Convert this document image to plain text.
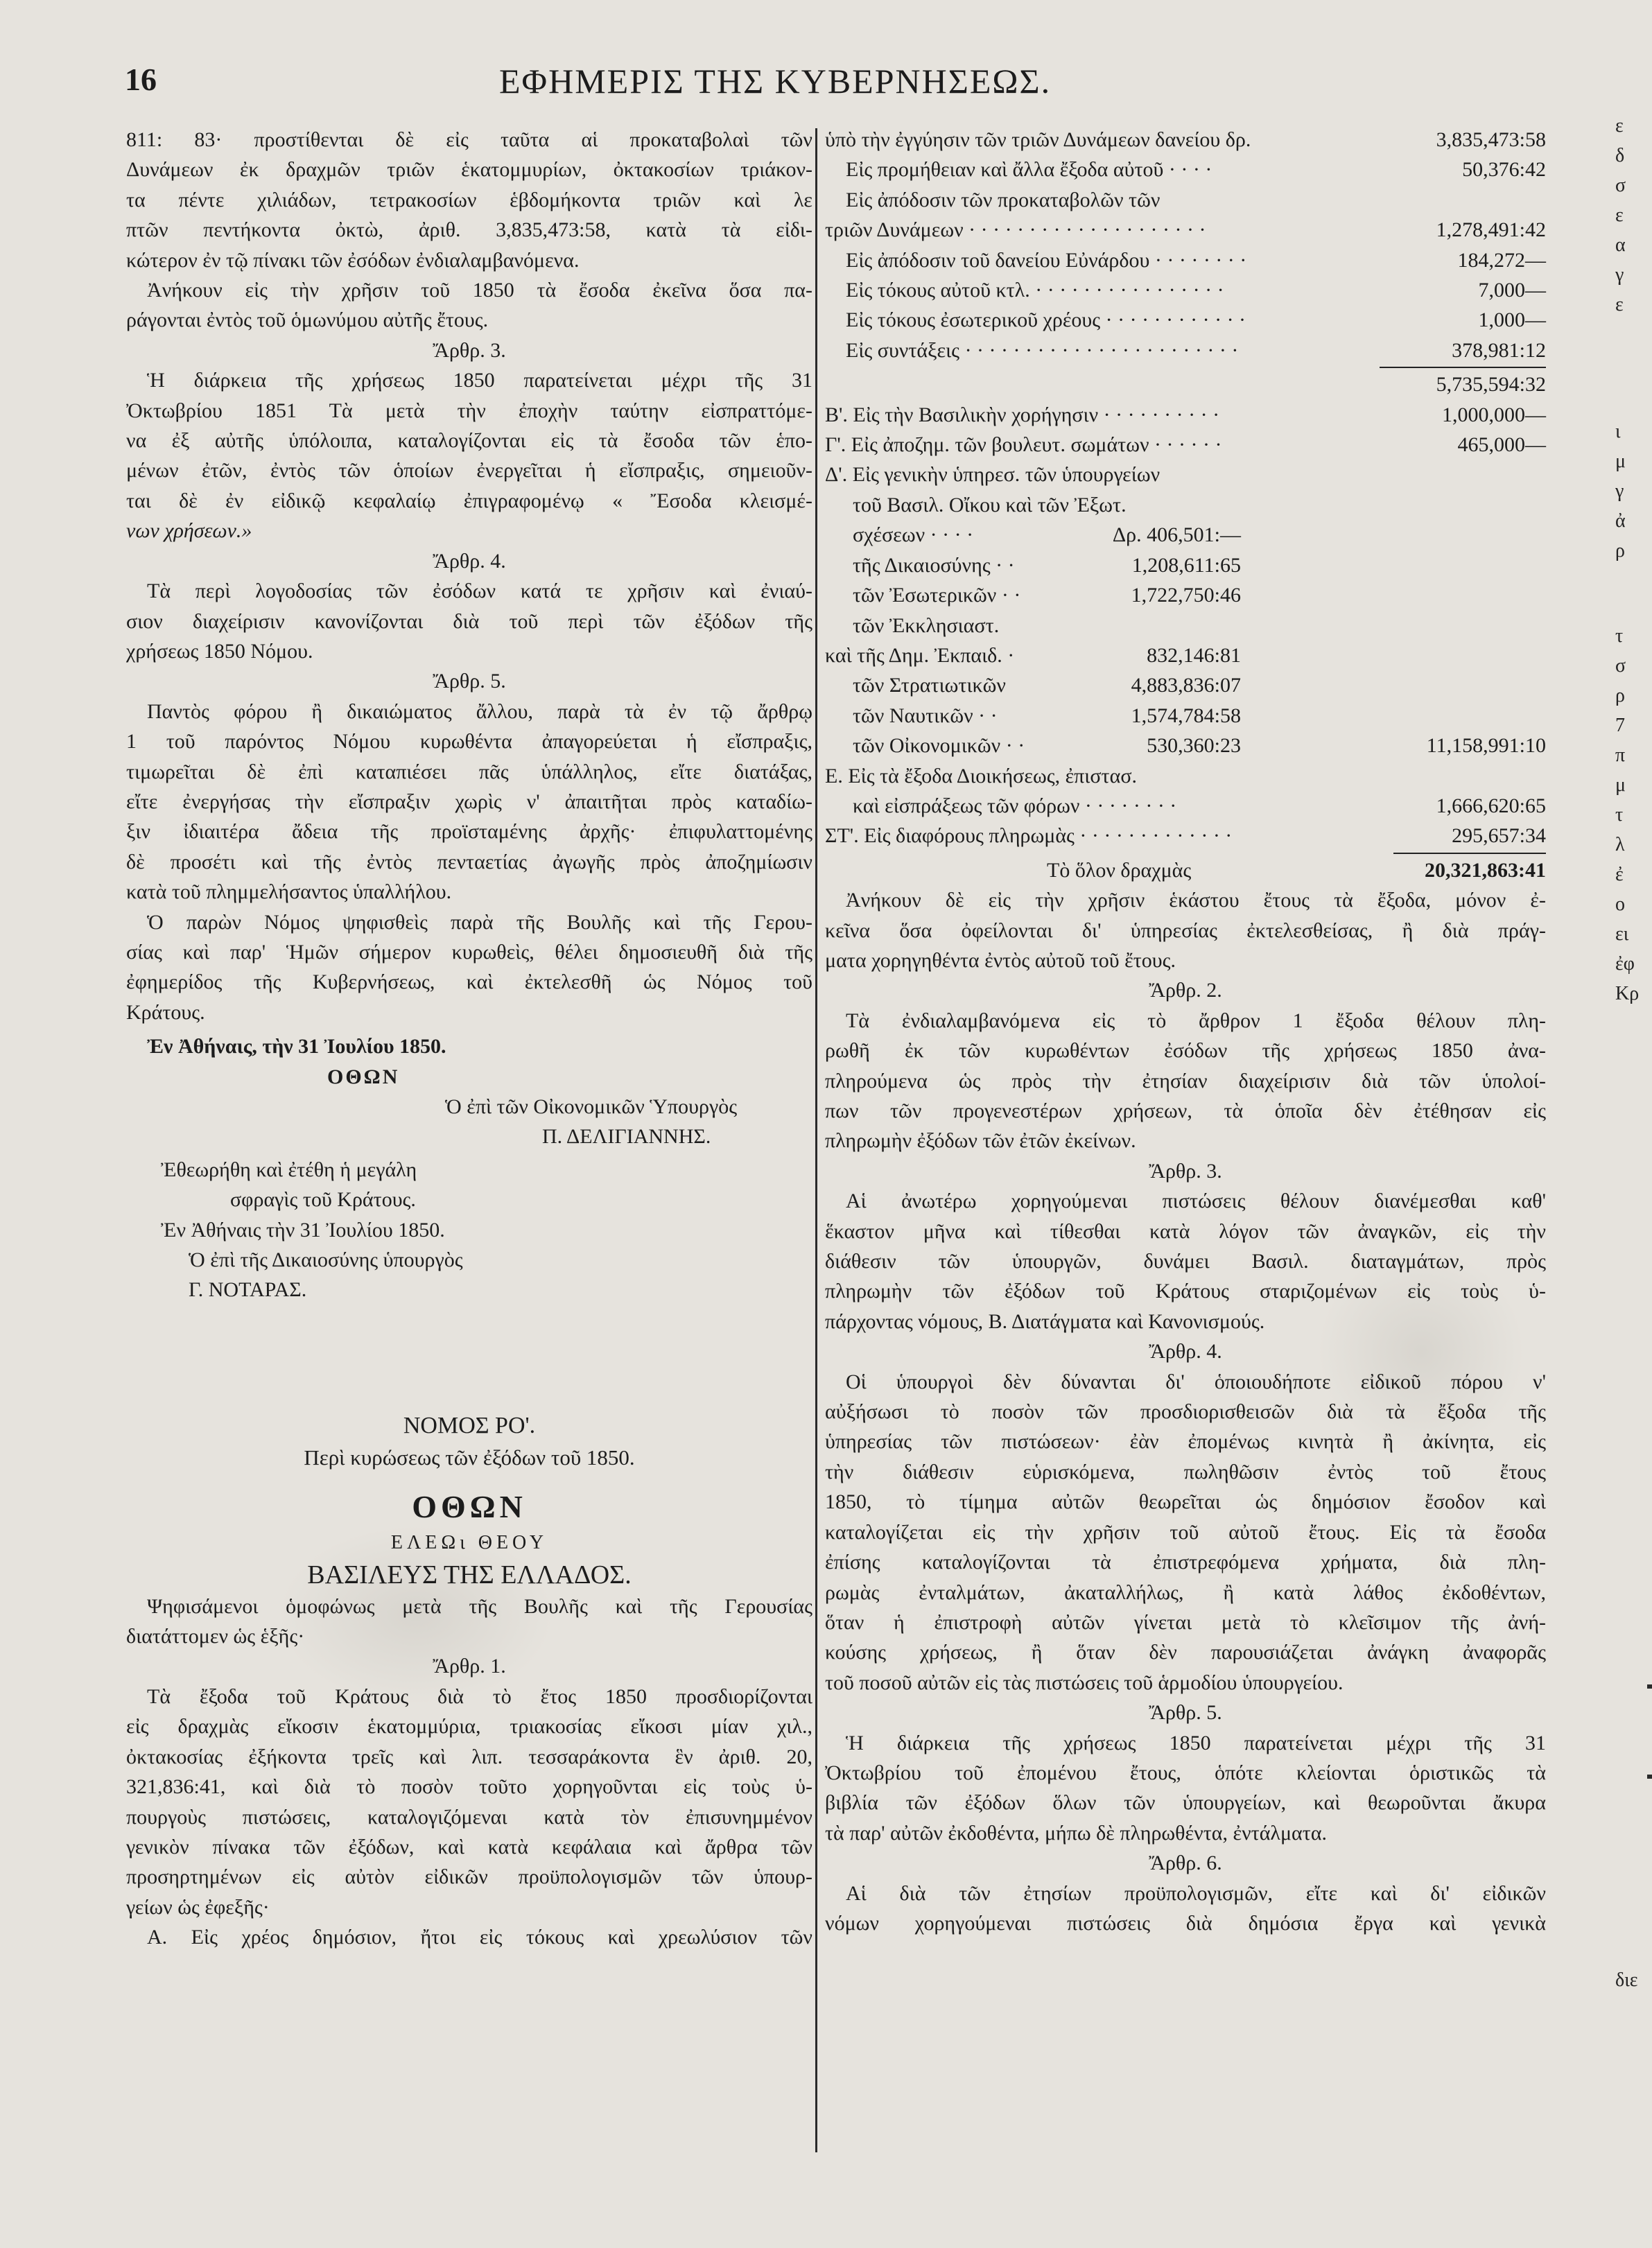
16	ΕΦΗΜΕΡΙΣ ΤΗΣ ΚΥΒΕΡΝΗΣΕΩΣ.
811: 83· προστίθενται δὲ εἰς ταῦτα αἱ προκαταβολαὶ τῶν
Δυνάμεων ἐκ δραχμῶν τριῶν ἑκατομμυρίων, ὀκτακοσίων τριάκον-
τα πέντε χιλιάδων, τετρακοσίων ἑβδομήκοντα τριῶν καὶ λε
πτῶν πεντήκοντα ὀκτὼ, ἀριθ. 3,835,473:58, κατὰ τὰ εἰδι-
κώτερον ἐν τῷ πίνακι τῶν ἐσόδων ἐνδιαλαμβανόμενα.
Ἀνήκουν εἰς τὴν χρῆσιν τοῦ 1850 τὰ ἔσοδα ἐκεῖνα ὅσα πα-
ράγονται ἐντὸς τοῦ ὁμωνύμου αὐτῆς ἔτους.
Ἄρθρ. 3.
Ἡ διάρκεια τῆς χρήσεως 1850 παρατείνεται μέχρι τῆς 31
Ὀκτωβρίου 1851 Τὰ μετὰ τὴν ἐποχὴν ταύτην εἰσπραττόμε-
να ἐξ αὐτῆς ὑπόλοιπα, καταλογίζονται εἰς τὰ ἔσοδα τῶν ἑπο-
μένων ἐτῶν, ἐντὸς τῶν ὁποίων ἐνεργεῖται ἡ εἴσπραξις, σημειοῦν-
ται δὲ ἐν εἰδικῷ κεφαλαίῳ ἐπιγραφομένῳ « Ἔσοδα κλεισμέ-
νων χρήσεων.»
Ἄρθρ. 4.
Τὰ περὶ λογοδοσίας τῶν ἐσόδων κατά τε χρῆσιν καὶ ἐνιαύ-
σιον διαχείρισιν κανονίζονται διὰ τοῦ περὶ τῶν ἐξόδων τῆς
χρήσεως 1850 Νόμου.
Ἄρθρ. 5.
Παντὸς φόρου ἢ δικαιώματος ἄλλου, παρὰ τὰ ἐν τῷ ἄρθρῳ
1 τοῦ παρόντος Νόμου κυρωθέντα ἀπαγορεύεται ἡ εἴσπραξις,
τιμωρεῖται δὲ ἐπὶ καταπιέσει πᾶς ὑπάλληλος, εἴτε διατάξας,
εἴτε ἐνεργήσας τὴν εἴσπραξιν χωρὶς ν' ἀπαιτῆται πρὸς καταδίω-
ξιν ἰδιαιτέρα ἄδεια τῆς προϊσταμένης ἀρχῆς· ἐπιφυλαττομένης
δὲ προσέτι καὶ τῆς ἐντὸς πενταετίας ἀγωγῆς πρὸς ἀποζημίωσιν
κατὰ τοῦ πλημμελήσαντος ὑπαλλήλου.
Ὁ παρὼν Νόμος ψηφισθεὶς παρὰ τῆς Βουλῆς καὶ τῆς Γερου-
σίας καὶ παρ' Ἡμῶν σήμερον κυρωθεὶς, θέλει δημοσιευθῆ διὰ τῆς
ἐφημερίδος τῆς Κυβερνήσεως, καὶ ἐκτελεσθῆ ὡς Νόμος τοῦ
Κράτους.
Ἐν Ἀθήναις, τὴν 31 Ἰουλίου 1850.
ΟΘΩΝ
Ὁ ἐπὶ τῶν Οἰκονομικῶν Ὑπουργὸς
Π. ΔΕΛΙΓΙΑΝΝΗΣ.
Ἐθεωρήθη καὶ ἐτέθη ἡ μεγάλη
σφραγὶς τοῦ Κράτους.
Ἐν Ἀθήναις τὴν 31 Ἰουλίου 1850.
Ὁ ἐπὶ τῆς Δικαιοσύνης ὑπουργὸς
Γ. ΝΟΤΑΡΑΣ.
ΝΟΜΟΣ ΡΟ'.
Περὶ κυρώσεως τῶν ἐξόδων τοῦ 1850.
ΟΘΩΝ
ΕΛΕΩι ΘΕΟΥ
ΒΑΣΙΛΕΥΣ ΤΗΣ ΕΛΛΑΔΟΣ.
Ψηφισάμενοι ὁμοφώνως μετὰ τῆς Βουλῆς καὶ τῆς Γερουσίας
διατάττομεν ὡς ἑξῆς·
Ἄρθρ. 1.
Τὰ ἔξοδα τοῦ Κράτους διὰ τὸ ἔτος 1850 προσδιορίζονται
εἰς δραχμὰς εἴκοσιν ἑκατομμύρια, τριακοσίας εἴκοσι μίαν χιλ.,
ὀκτακοσίας ἐξήκοντα τρεῖς καὶ λιπ. τεσσαράκοντα ἓν ἀριθ. 20,
321,836:41, καὶ διὰ τὸ ποσὸν τοῦτο χορηγοῦνται εἰς τοὺς ὑ-
πουργοὺς πιστώσεις, καταλογιζόμεναι κατὰ τὸν ἐπισυνημμένον
γενικὸν πίνακα τῶν ἐξόδων, καὶ κατὰ κεφάλαια καὶ ἄρθρα τῶν
προσηρτημένων εἰς αὐτὸν εἰδικῶν προϋπολογισμῶν τῶν ὑπουρ-
γείων ὡς ἐφεξῆς·
Α. Εἰς χρέος δημόσιον, ἤτοι εἰς τόκους καὶ χρεωλύσιον τῶν
ὑπὸ τὴν ἐγγύησιν τῶν τριῶν Δυνάμεων δανείου δρ.	3,835,473:58
Εἰς προμήθειαν καὶ ἄλλα ἔξοδα αὐτοῦ · · · ·	50,376:42
Εἰς ἀπόδοσιν τῶν προκαταβολῶν τῶν
τριῶν Δυνάμεων · · · · · · · · · · · · · · · · · · · ·	1,278,491:42
Εἰς ἀπόδοσιν τοῦ δανείου Εὐνάρδου · · · · · · · ·	184,272—
Εἰς τόκους αὐτοῦ κτλ. · · · · · · · · · · · · · · · ·	7,000—
Εἰς τόκους ἐσωτερικοῦ χρέους · · · · · · · · · · · ·	1,000—
Εἰς συντάξεις · · · · · · · · · · · · · · · · · · · · · · ·	378,981:12
5,735,594:32
Β'. Εἰς τὴν Βασιλικὴν χορήγησιν · · · · · · · · · ·	1,000,000—
Γ'. Εἰς ἀποζημ. τῶν βουλευτ. σωμάτων · · · · · ·	465,000—
Δ'. Εἰς γενικὴν ὑπηρεσ. τῶν ὑπουργείων
τοῦ Βασιλ. Οἴκου καὶ τῶν Ἐξωτ.
σχέσεων · · · ·	Δρ. 406,501:—
τῆς Δικαιοσύνης · ·	1,208,611:65
τῶν Ἐσωτερικῶν · ·	1,722,750:46
τῶν Ἐκκλησιαστ.
καὶ τῆς Δημ. Ἐκπαιδ. ·	832,146:81
τῶν Στρατιωτικῶν	4,883,836:07
τῶν Ναυτικῶν · ·	1,574,784:58
τῶν Οἰκονομικῶν · ·	530,360:23	11,158,991:10
Ε. Εἰς τὰ ἔξοδα Διοικήσεως, ἐπιστασ.
καὶ εἰσπράξεως τῶν φόρων · · · · · · · ·	1,666,620:65
ΣΤ'. Εἰς διαφόρους πληρωμὰς · · · · · · · · · · · · ·	295,657:34
Τὸ ὅλον δραχμὰς	20,321,863:41
Ἀνήκουν δὲ εἰς τὴν χρῆσιν ἑκάστου ἔτους τὰ ἔξοδα, μόνον ἐ-
κεῖνα ὅσα ὀφείλονται δι' ὑπηρεσίας ἐκτελεσθείσας, ἢ διὰ πράγ-
ματα χορηγηθέντα ἐντὸς αὐτοῦ τοῦ ἔτους.
Ἄρθρ. 2.
Τὰ ἐνδιαλαμβανόμενα εἰς τὸ ἄρθρον 1 ἔξοδα θέλουν πλη-
ρωθῆ ἐκ τῶν κυρωθέντων ἐσόδων τῆς χρήσεως 1850 ἀνα-
πληρούμενα ὡς πρὸς τὴν ἐτησίαν διαχείρισιν διὰ τῶν ὑπολοί-
πων τῶν προγενεστέρων χρήσεων, τὰ ὁποῖα δὲν ἐτέθησαν εἰς
πληρωμὴν ἐξόδων τῶν ἐτῶν ἐκείνων.
Ἄρθρ. 3.
Αἱ ἀνωτέρω χορηγούμεναι πιστώσεις θέλουν διανέμεσθαι καθ'
ἕκαστον μῆνα καὶ τίθεσθαι κατὰ λόγον τῶν ἀναγκῶν, εἰς τὴν
διάθεσιν τῶν ὑπουργῶν, δυνάμει Βασιλ. διαταγμάτων, πρὸς
πληρωμὴν τῶν ἐξόδων τοῦ Κράτους σταριζομένων εἰς τοὺς ὑ-
πάρχοντας νόμους, Β. Διατάγματα καὶ Κανονισμούς.
Ἄρθρ. 4.
Οἱ ὑπουργοὶ δὲν δύνανται δι' ὁποιουδήποτε εἰδικοῦ πόρου ν'
αὐξήσωσι τὸ ποσὸν τῶν προσδιορισθεισῶν διὰ τὰ ἔξοδα τῆς
ὑπηρεσίας τῶν πιστώσεων· ἐὰν ἐπομένως κινητὰ ἢ ἀκίνητα, εἰς
τὴν διάθεσιν εὑρισκόμενα, πωληθῶσιν ἐντὸς τοῦ ἔτους
1850, τὸ τίμημα αὐτῶν θεωρεῖται ὡς δημόσιον ἔσοδον καὶ
καταλογίζεται εἰς τὴν χρῆσιν τοῦ αὐτοῦ ἔτους. Εἰς τὰ ἔσοδα
ἐπίσης καταλογίζονται τὰ ἐπιστρεφόμενα χρήματα, διὰ πλη-
ρωμὰς ἐνταλμάτων, ἀκαταλλήλως, ἢ κατὰ λάθος ἐκδοθέντων,
ὅταν ἡ ἐπιστροφὴ αὐτῶν γίνεται μετὰ τὸ κλεῖσιμον τῆς ἀνή-
κούσης χρήσεως, ἢ ὅταν δὲν παρουσιάζεται ἀνάγκη ἀναφορᾶς
τοῦ ποσοῦ αὐτῶν εἰς τὰς πιστώσεις τοῦ ἁρμοδίου ὑπουργείου.
Ἄρθρ. 5.
Ἡ διάρκεια τῆς χρήσεως 1850 παρατείνεται μέχρι τῆς 31
Ὀκτωβρίου τοῦ ἐπομένου ἔτους, ὁπότε κλείονται ὁριστικῶς τὰ
βιβλία τῶν ἐξόδων ὅλων τῶν ὑπουργείων, καὶ θεωροῦνται ἄκυρα
τὰ παρ' αὐτῶν ἐκδοθέντα, μήπω δὲ πληρωθέντα, ἐντάλματα.
Ἄρθρ. 6.
Αἱ διὰ τῶν ἐτησίων προϋπολογισμῶν, εἴτε καὶ δι' εἰδικῶν
νόμων χορηγούμεναι πιστώσεις διὰ δημόσια ἔργα καὶ γενικὰ
ε
δ
σ
ε
α
γ
ε
ι
μ
γ
ἀ
ρ
τ
σ
ρ
7
π
μ
τ
λ
ἐ
ο
ει
ἐφ
Κρ
διε
